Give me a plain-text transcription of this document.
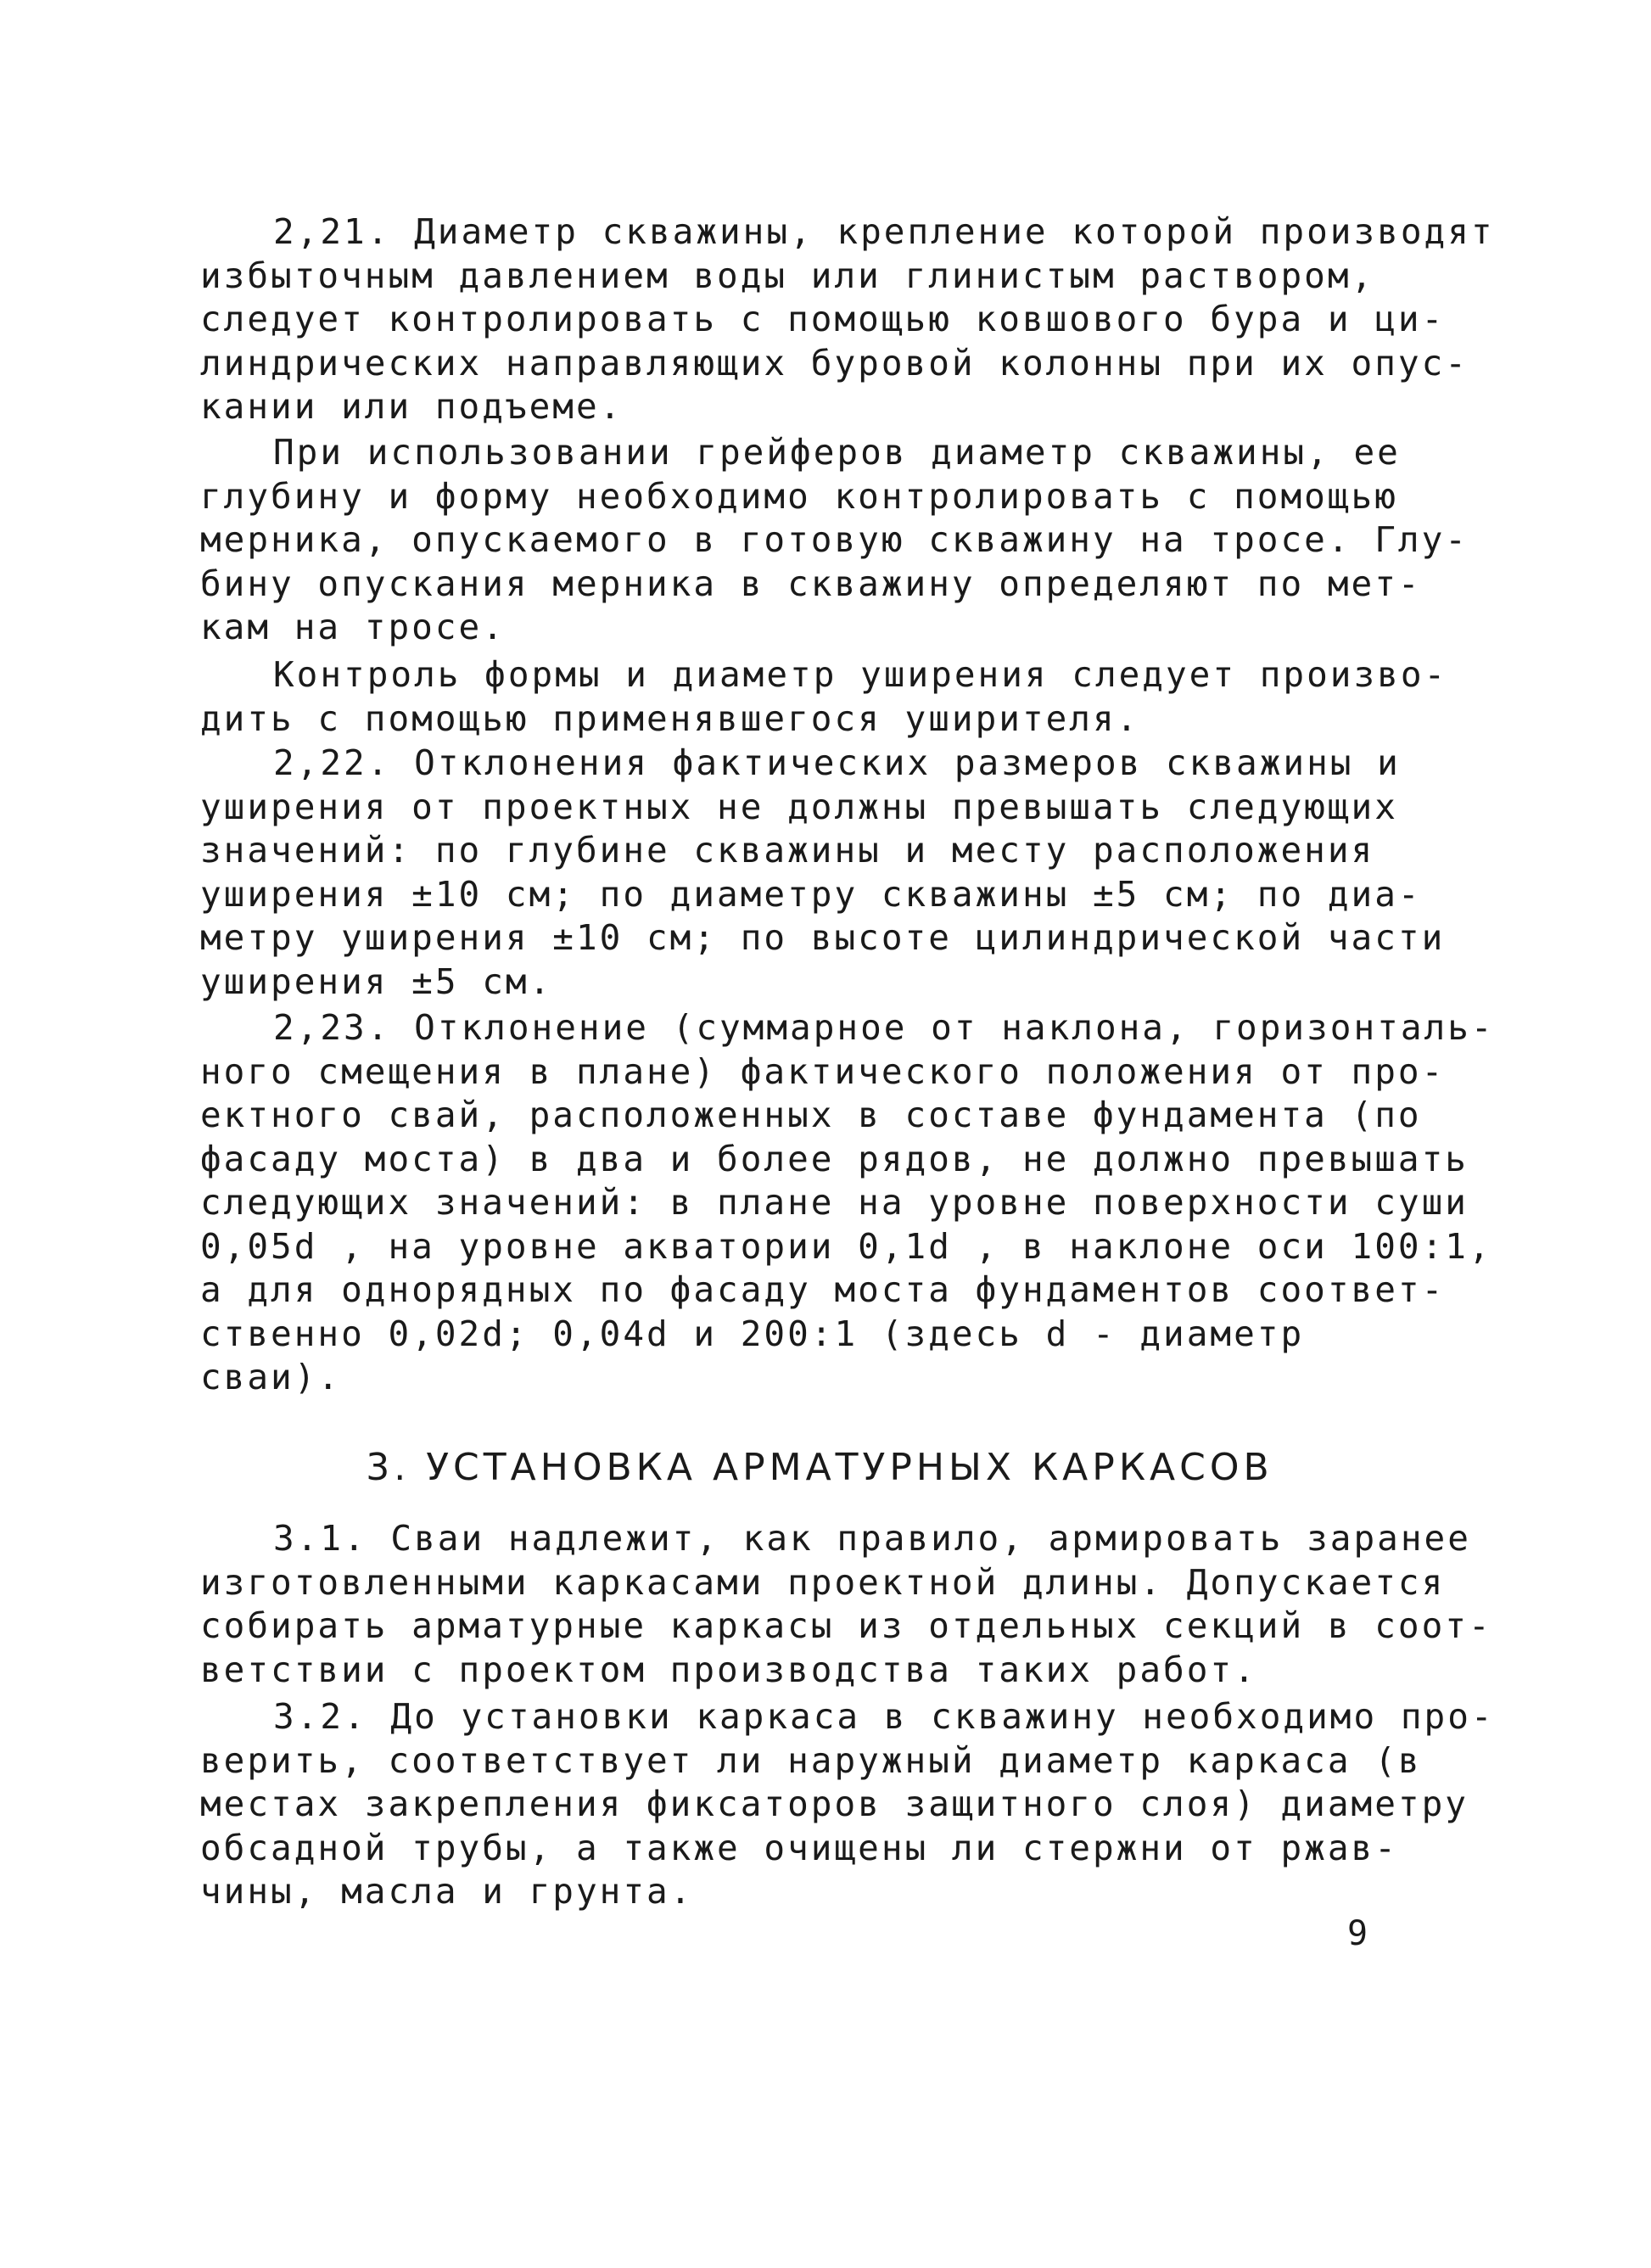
2,21. Диаметр скважины, крепление которой производят
избыточным давлением воды или глинистым раствором,
следует контролировать с помощью ковшового бура и ци-
линдрических направляющих буровой колонны при их опус-
кании или подъеме.
При использовании грейферов диаметр скважины, ее
глубину и форму необходимо контролировать с помощью
мерника, опускаемого в готовую скважину на тросе. Глу-
бину опускания мерника в скважину определяют по мет-
кам на тросе.
Контроль формы и диаметр уширения следует произво-
дить с помощью применявшегося уширителя.
2,22. Отклонения фактических размеров скважины и
уширения от проектных не должны превышать следующих
значений: по глубине скважины и месту расположения
уширения ±10 см; по диаметру скважины ±5 см; по диа-
метру уширения ±10 см; по высоте цилиндрической части
уширения ±5 см.
2,23. Отклонение (суммарное от наклона, горизонталь-
ного смещения в плане) фактического положения от про-
ектного свай, расположенных в составе фундамента (по
фасаду моста) в два и более рядов, не должно превышать
следующих значений: в плане на уровне поверхности суши
0,05d , на уровне акватории 0,1d , в наклоне оси 100:1,
а для однорядных по фасаду моста фундаментов соответ-
ственно 0,02d; 0,04d и 200:1 (здесь d - диаметр
сваи).
3. УСТАНОВКА АРМАТУРНЫХ КАРКАСОВ
3.1. Сваи надлежит, как правило, армировать заранее
изготовленными каркасами проектной длины. Допускается
собирать арматурные каркасы из отдельных секций в соот-
ветствии с проектом производства таких работ.
3.2. До установки каркаса в скважину необходимо про-
верить, соответствует ли наружный диаметр каркаса (в
местах закрепления фиксаторов защитного слоя) диаметру
обсадной трубы, а также очищены ли стержни от ржав-
чины, масла и грунта.
9
